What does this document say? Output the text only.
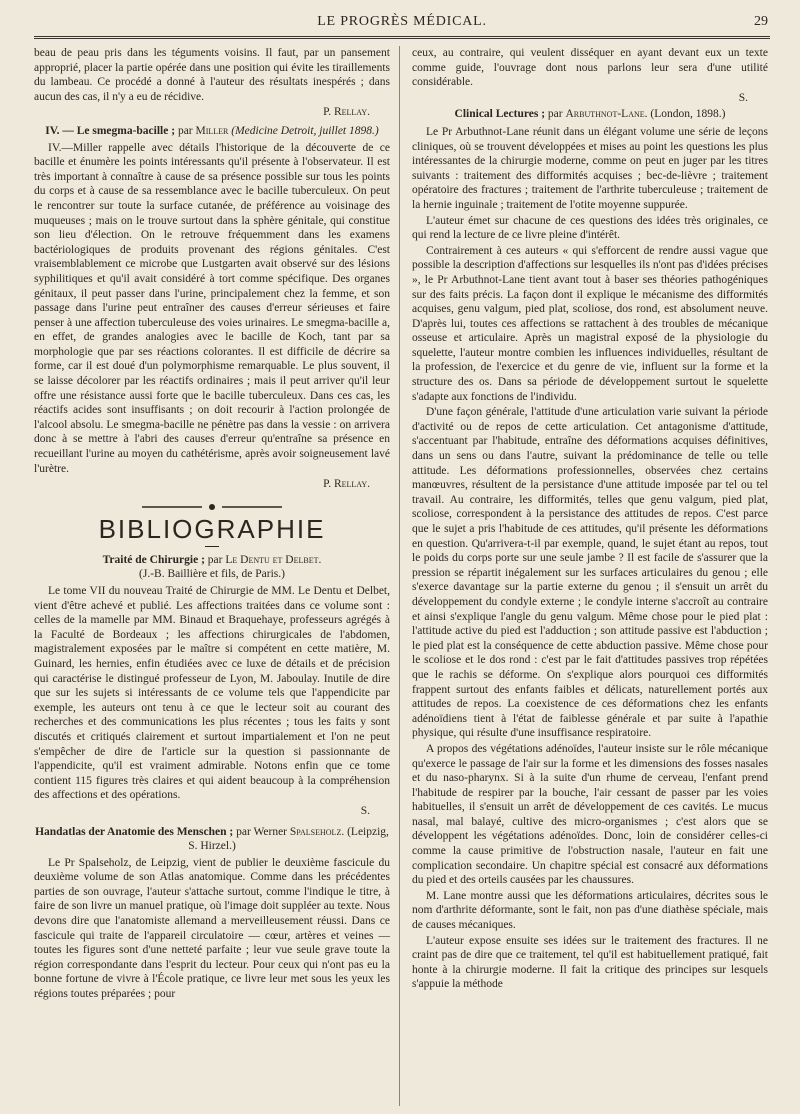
LE PROGRÈS MÉDICAL.	29

beau de peau pris dans les téguments voisins. Il faut, par un pansement approprié, placer la partie opérée dans une position qui évite les tiraillements du lambeau. Ce procédé a donné à l'auteur des résultats inespérés ; dans aucun des cas, il n'y a eu de récidive.

P. Rellay.
IV. — Le smegma-bacille ; par Miller (Medicine Detroit, juillet 1898.)

IV.—Miller rappelle avec détails l'historique de la découverte de ce bacille et énumère les points intéressants qu'il présente à l'observateur. Il est très important à connaître à cause de sa présence possible sur tous les points du corps et à cause de sa ressemblance avec le bacille tuberculeux. On peut le rencontrer sur toute la surface cutanée, de préférence au voisinage des muqueuses ; mais on le trouve surtout dans la sphère génitale, qui constitue son lieu d'élection. On le retrouve fréquemment dans les examens bactériologiques de produits provenant des régions génitales. C'est vraisemblablement ce microbe que Lustgarten avait observé sur des lésions syphilitiques et qu'il avait considéré à tort comme spécifique. Des organes génitaux, il peut passer dans l'urine, principalement chez la femme, et son passage dans l'urine peut entraîner des causes d'erreur sérieuses et faire penser à une affection tuberculeuse des voies urinaires. Le smegma-bacille a, en effet, de grandes analogies avec le bacille de Koch, tant par sa morphologie que par ses réactions colorantes. Il est difficile de décrire sa forme, car il est doué d'un polymorphisme remarquable. Le plus souvent, il se laisse décolorer par les réactifs ordinaires ; mais il peut arriver qu'il leur offre une résistance aussi forte que le bacille tuberculeux. Dans ces cas, les réactifs acides sont insuffisants ; on doit recourir à l'action prolongée de l'alcool absolu. Le smegma-bacille ne pénètre pas dans la vessie : on arrivera donc à se mettre à l'abri des causes d'erreur qu'entraîne sa présence en recueillant l'urine au moyen du cathétérisme, après avoir soigneusement lavé l'urètre.

P. Rellay.
BIBLIOGRAPHIE
Traité de Chirurgie ; par Le Dentu et Delbet.
(J.-B. Baillière et fils, de Paris.)

Le tome VII du nouveau Traité de Chirurgie de MM. Le Dentu et Delbet, vient d'être achevé et publié. Les affections traitées dans ce volume sont : celles de la mamelle par MM. Binaud et Braquehaye, professeurs agrégés à la Faculté de Bordeaux ; les affections chirurgicales de l'abdomen, magistralement exposées par le maître si compétent en cette matière, M. Guinard, les hernies, enfin étudiées avec ce luxe de détails et de précision qui caractérise le distingué professeur de Lyon, M. Jaboulay. Inutile de dire que sur les sujets si intéressants de ce volume tels que l'appendicite par exemple, les auteurs ont tenu à ce que le lecteur soit au courant des recherches et des communications les plus récentes ; tous les faits y sont discutés et critiqués clairement et surtout impartialement et l'on ne peut s'empêcher de dire de l'article sur la question si passionnante de l'appendicite, qu'il est vraiment admirable. Notons enfin que ce tome contient 115 figures très claires et qui aident beaucoup à la compréhension des affections et des opérations.

S.
Handatlas der Anatomie des Menschen ; par Werner Spalseholz. (Leipzig, S. Hirzel.)

Le Pr Spalseholz, de Leipzig, vient de publier le deuxième fascicule du deuxième volume de son Atlas anatomique. Comme dans les précédentes parties de son ouvrage, l'auteur s'attache surtout, comme l'indique le titre, à faire de son livre un manuel pratique, où l'image doit suppléer au texte. Nous devons dire que l'anatomiste allemand a merveilleusement réussi. Dans ce fascicule qui traite de l'appareil circulatoire — cœur, artères et veines — toutes les figures sont d'une netteté parfaite ; leur vue seule grave toute la région correspondante dans l'esprit du lecteur. Pour ceux qui n'ont pas eu la bonne fortune de vivre à l'École pratique, ce livre leur met sous les yeux les régions toutes préparées ; pour

ceux, au contraire, qui veulent disséquer en ayant devant eux un texte comme guide, l'ouvrage dont nous parlons leur sera d'une utilité considérable.

S.
Clinical Lectures ; par Arbuthnot-Lane. (London, 1898.)

Le Pr Arbuthnot-Lane réunit dans un élégant volume une série de leçons cliniques, où se trouvent développées et mises au point les questions les plus intéressantes de la chirurgie moderne, comme on peut en juger par les titres suivants : traitement des difformités acquises ; bec-de-lièvre ; traitement opératoire des fractures ; traitement de l'arthrite tuberculeuse ; traitement de la hernie inguinale ; traitement de l'otite moyenne suppurée.

L'auteur émet sur chacune de ces questions des idées très originales, ce qui rend la lecture de ce livre pleine d'intérêt.

Contrairement à ces auteurs « qui s'efforcent de rendre aussi vague que possible la description d'affections sur lesquelles ils n'ont pas d'idées précises », le Pr Arbuthnot-Lane tient avant tout à baser ses théories pathogéniques sur des faits précis. La façon dont il explique le mécanisme des difformités acquises, genu valgum, pied plat, scoliose, dos rond, est absolument neuve. D'après lui, toutes ces affections se rattachent à des troubles de mécanique osseuse et articulaire. Après un magistral exposé de la physiologie du squelette, l'auteur montre combien les influences individuelles, résultant de la profession, de l'exercice et du genre de vie, influent sur la forme et la structure des os. Dans sa période de développement surtout le squelette s'adapte aux fonctions de l'individu.

D'une façon générale, l'attitude d'une articulation varie suivant la période d'activité ou de repos de cette articulation. Cet antagonisme d'attitude, s'accentuant par l'habitude, entraîne des déformations acquises définitives, dans un sens ou dans l'autre, suivant la prédominance de telle ou telle attitude. Les déformations professionnelles, observées chez certains manœuvres, résultent de la persistance d'une attitude imposée par tel ou tel travail. Au contraire, les difformités, telles que genu valgum, pied plat, scoliose, correspondent à la persistance des attitudes de repos. C'est parce que le sujet a pris l'habitude de ces attitudes, qu'il présente les déformations en question. Qu'arrivera-t-il par exemple, quand, le sujet étant au repos, tout le poids du corps porte sur une seule jambe ? Il est facile de s'assurer que la pression se répartit inégalement sur les surfaces articulaires du genou ; elle s'exerce davantage sur la partie externe du genou ; il s'ensuit un arrêt du développement du condyle externe ; le condyle interne s'accroît au contraire et ainsi s'explique l'angle du genu valgum. Même chose pour le pied plat : l'attitude active du pied est l'adduction ; son attitude passive est l'abduction ; le pied plat est la conséquence de cette abduction passive. Même chose pour le scoliose et le dos rond : c'est par le fait d'attitudes passives trop répétées que le rachis se déforme. On s'explique alors pourquoi ces difformités frappent surtout des enfants faibles et délicats, naturellement portés aux attitudes de repos. La coexistence de ces déformations chez les enfants adénoïdiens tient à l'état de faiblesse générale et par suite à l'apathie physique, qui résulte d'une insuffisance respiratoire.

A propos des végétations adénoïdes, l'auteur insiste sur le rôle mécanique qu'exerce le passage de l'air sur la forme et les dimensions des fosses nasales et du naso-pharynx. Si à la suite d'un rhume de cerveau, l'enfant prend l'habitude de respirer par la bouche, l'air cessant de passer par les voies habituelles, il s'ensuit un arrêt de développement de ces cavités. Le mucus nasal, mal balayé, cultive des micro-organismes ; c'est alors que se développent les végétations adénoïdes. Donc, loin de considérer celles-ci comme la cause primitive de l'obstruction nasale, l'auteur en fait une complication secondaire. Un chapitre spécial est consacré aux déformations du pied et des orteils causées par les chaussures.

M. Lane montre aussi que les déformations articulaires, décrites sous le nom d'arthrite déformante, sont le fait, non pas d'une diathèse spéciale, mais de causes mécaniques.

L'auteur expose ensuite ses idées sur le traitement des fractures. Il ne craint pas de dire que ce traitement, tel qu'il est habituellement pratiqué, fait honte à la chirurgie moderne. Il fait la critique des principes sur lesquels s'appuie la méthode
